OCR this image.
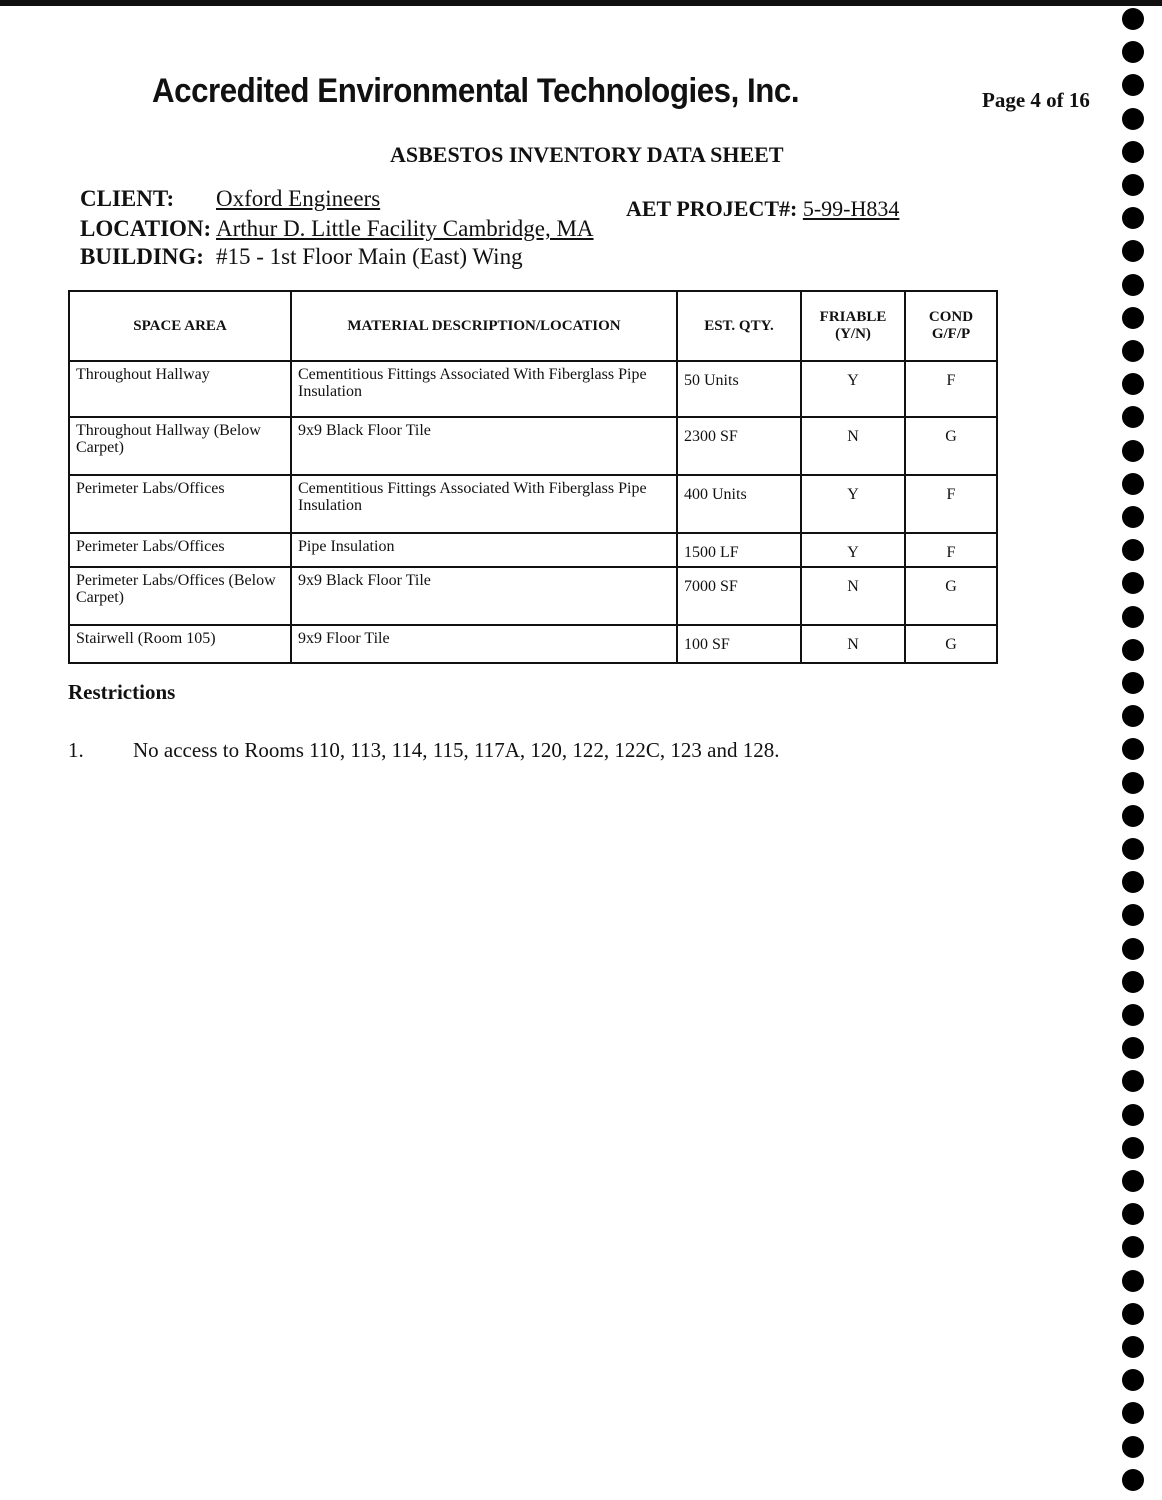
Accredited Environmental Technologies, Inc.	Page 4 of 16
ASBESTOS INVENTORY DATA SHEET
CLIENT: Oxford Engineers
LOCATION: Arthur D. Little Facility Cambridge, MA
BUILDING: #15 - 1st Floor Main (East) Wing
AET PROJECT#: 5-99-H834
SPACE AREA	MATERIAL DESCRIPTION/LOCATION	EST. QTY.	FRIABLE (Y/N)	COND G/F/P
Throughout Hallway	Cementitious Fittings Associated With Fiberglass Pipe Insulation	50 Units	Y	F
Throughout Hallway (Below Carpet)	9x9 Black Floor Tile	2300 SF	N	G
Perimeter Labs/Offices	Cementitious Fittings Associated With Fiberglass Pipe Insulation	400 Units	Y	F
Perimeter Labs/Offices	Pipe Insulation	1500 LF	Y	F
Perimeter Labs/Offices (Below Carpet)	9x9 Black Floor Tile	7000 SF	N	G
Stairwell (Room 105)	9x9 Floor Tile	100 SF	N	G
Restrictions
1. No access to Rooms 110, 113, 114, 115, 117A, 120, 122, 122C, 123 and 128.
